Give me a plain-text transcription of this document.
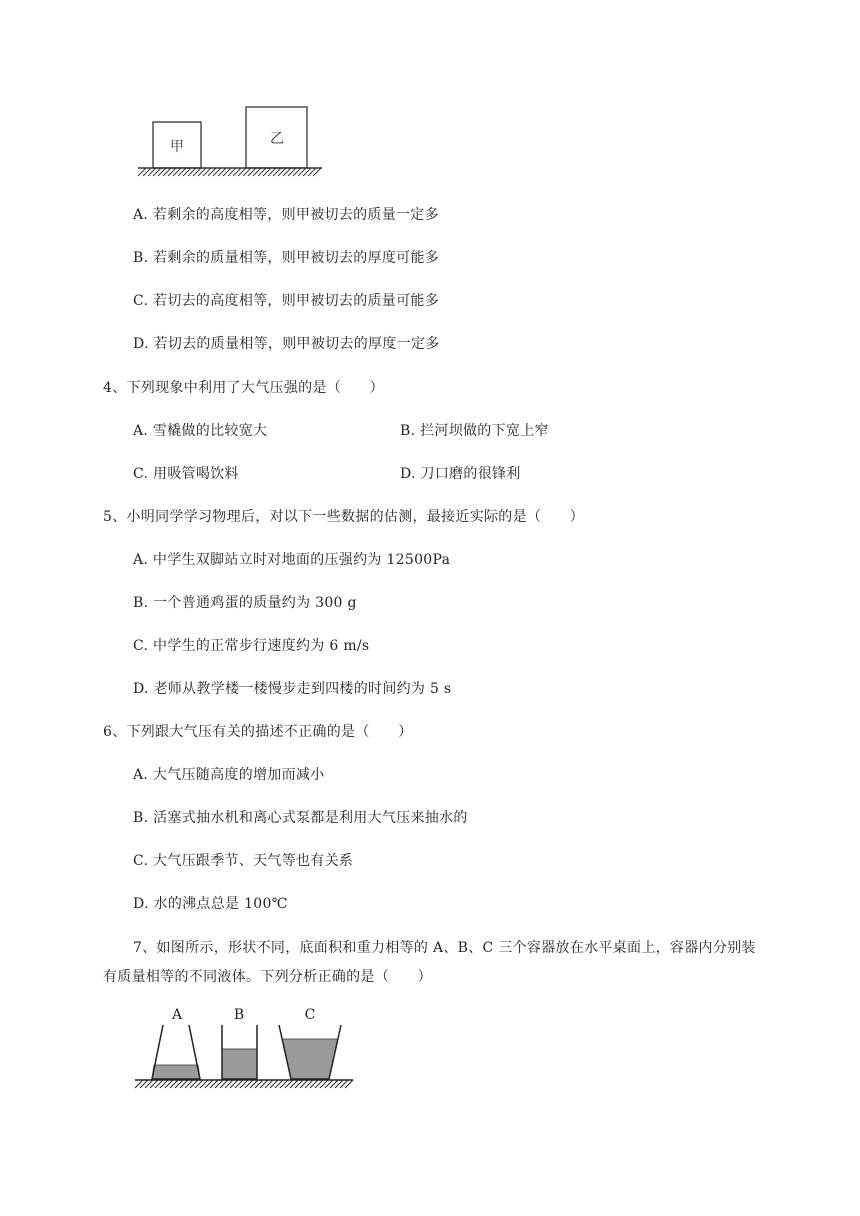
甲	乙
A. 若剩余的高度相等，则甲被切去的质量一定多
B. 若剩余的质量相等，则甲被切去的厚度可能多
C. 若切去的高度相等，则甲被切去的质量可能多
D. 若切去的质量相等，则甲被切去的厚度一定多
4、下列现象中利用了大气压强的是（　　）
A. 雪橇做的比较宽大	B. 拦河坝做的下宽上窄
C. 用吸管喝饮料	D. 刀口磨的很锋利
5、小明同学学习物理后，对以下一些数据的估测，最接近实际的是（　　）
A. 中学生双脚站立时对地面的压强约为 12500Pa
B. 一个普通鸡蛋的质量约为 300 g
C. 中学生的正常步行速度约为 6 m/s
D. 老师从教学楼一楼慢步走到四楼的时间约为 5 s
6、下列跟大气压有关的描述不正确的是（　　）
A. 大气压随高度的增加而减小
B. 活塞式抽水机和离心式泵都是利用大气压来抽水的
C. 大气压跟季节、天气等也有关系
D. 水的沸点总是 100℃
7、如图所示，形状不同，底面积和重力相等的 A、B、C 三个容器放在水平桌面上，容器内分别装
有质量相等的不同液体。下列分析正确的是（　　）
A	B	C
